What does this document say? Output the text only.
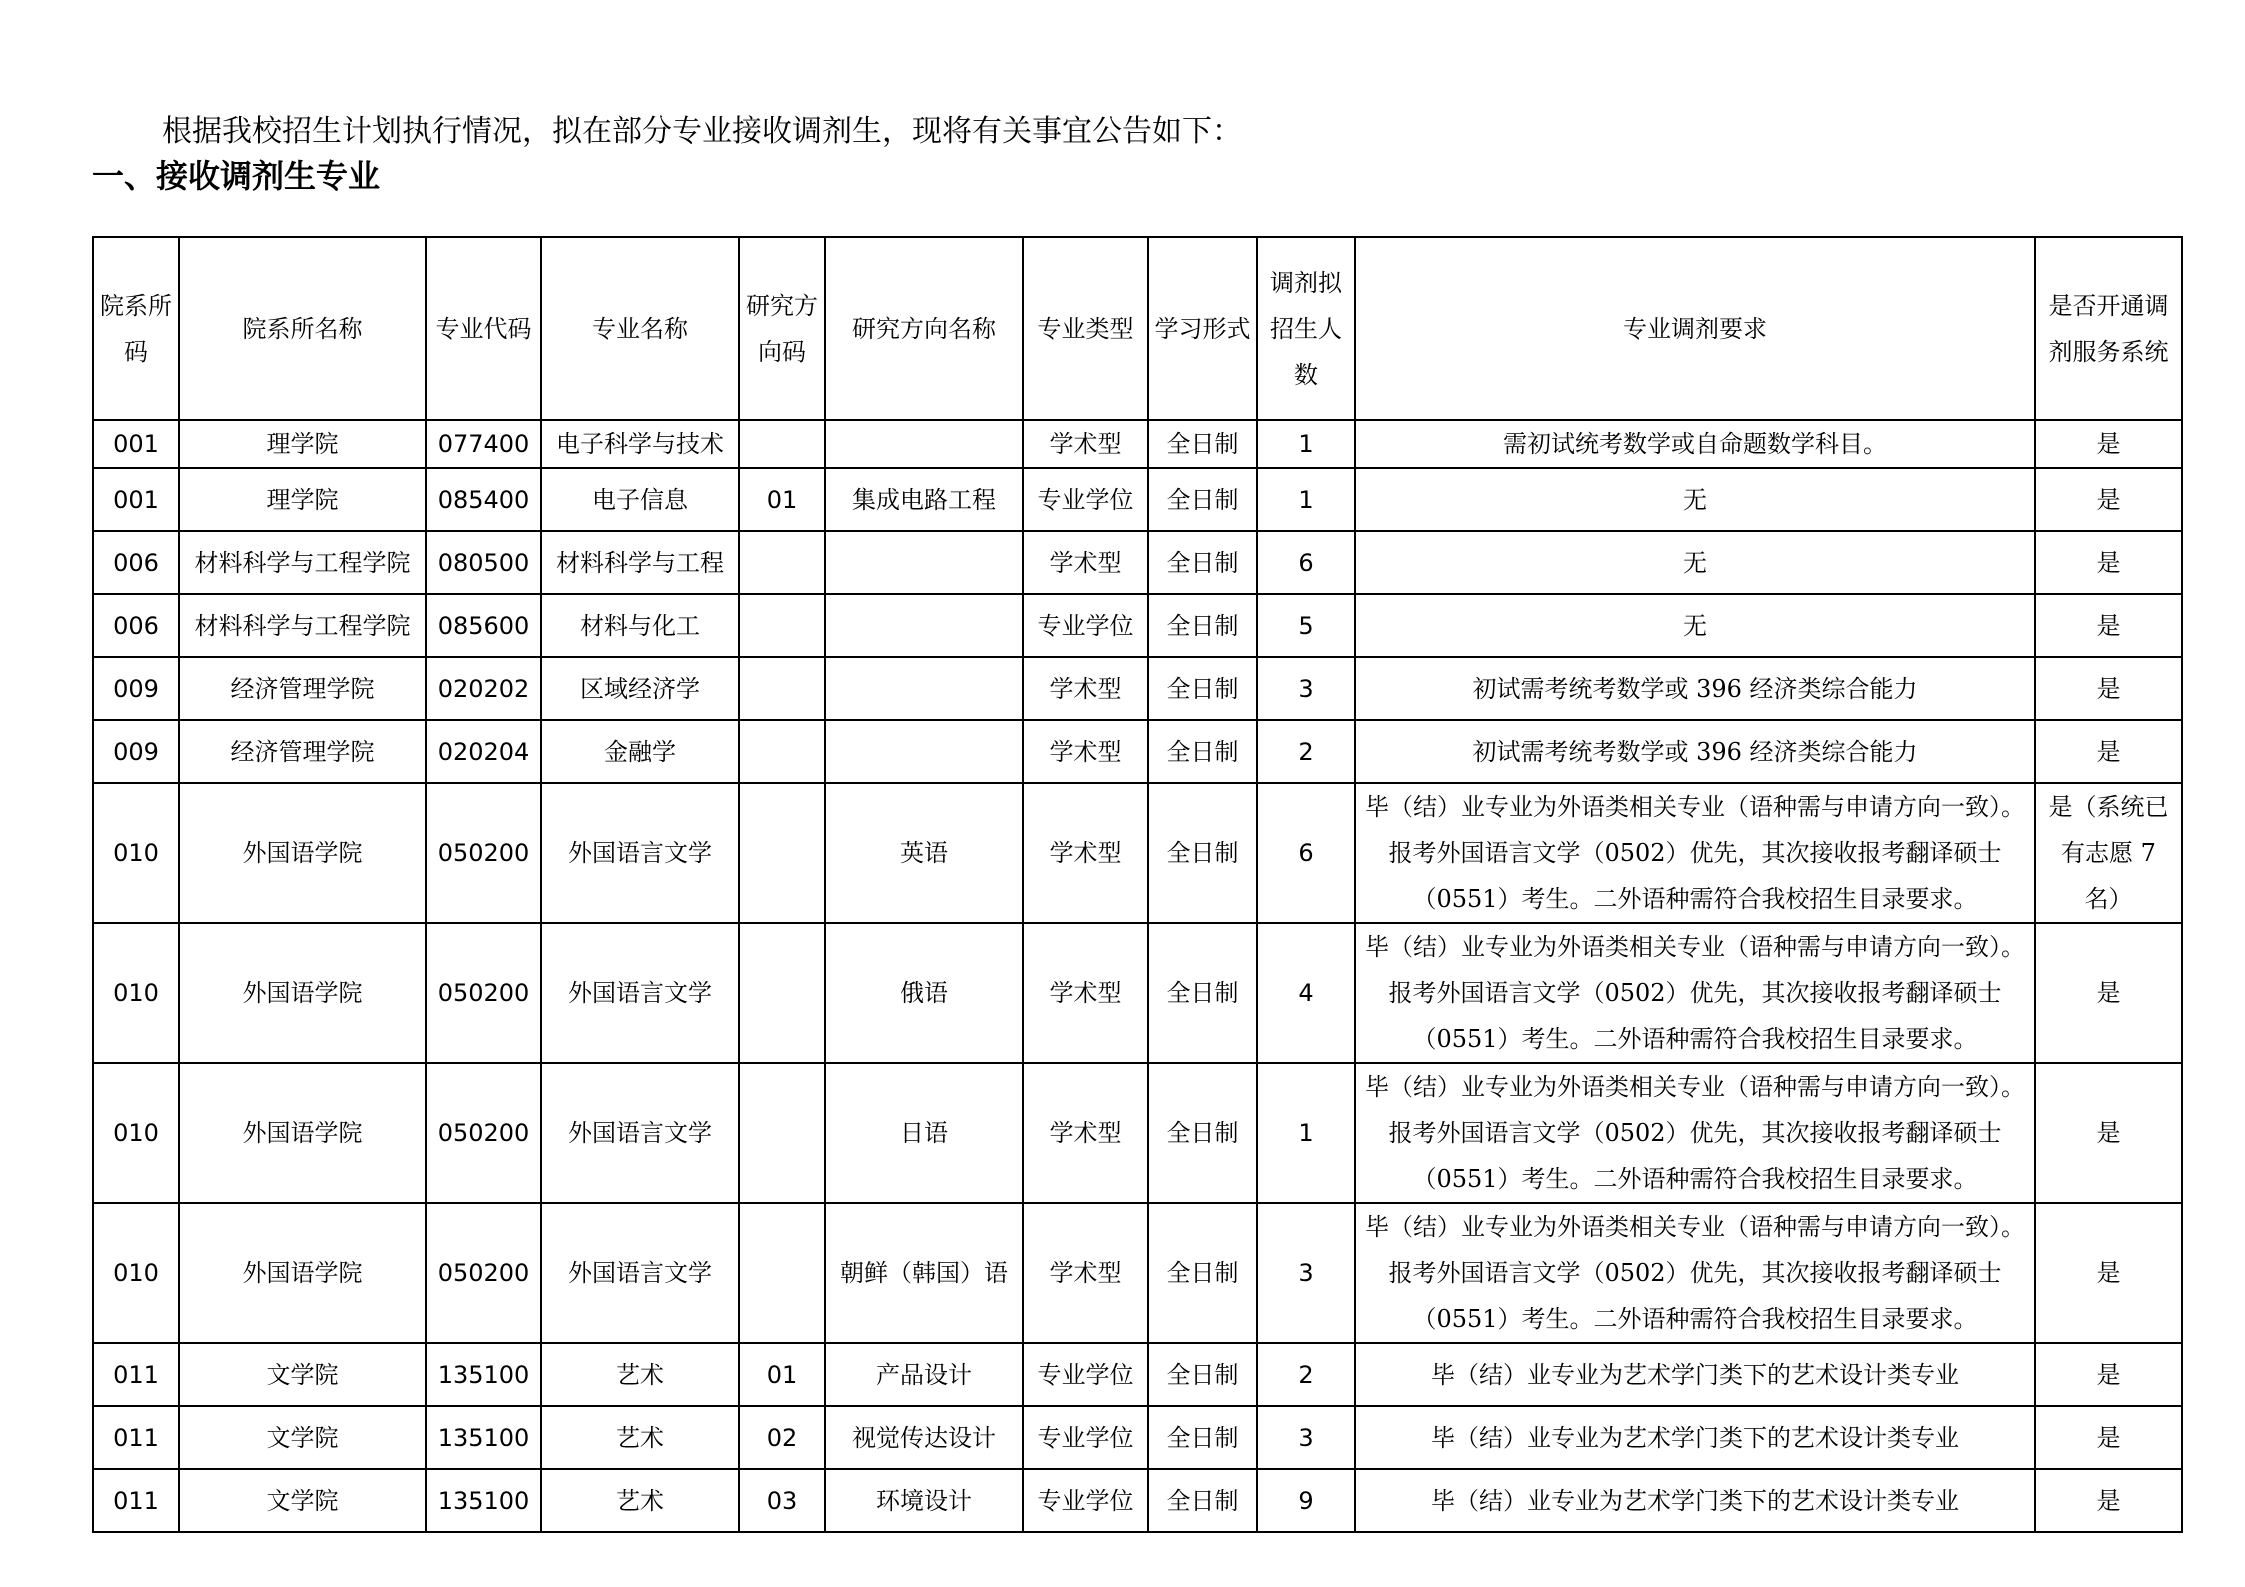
根据我校招生计划执行情况，拟在部分专业接收调剂生，现将有关事宜公告如下：
一、接收调剂生专业
院系所码	院系所名称	专业代码	专业名称	研究方向码	研究方向名称	专业类型	学习形式	调剂拟招生人数	专业调剂要求	是否开通调剂服务系统
001	理学院	077400	电子科学与技术			学术型	全日制	1	需初试统考数学或自命题数学科目。	是
001	理学院	085400	电子信息	01	集成电路工程	专业学位	全日制	1	无	是
006	材料科学与工程学院	080500	材料科学与工程			学术型	全日制	6	无	是
006	材料科学与工程学院	085600	材料与化工			专业学位	全日制	5	无	是
009	经济管理学院	020202	区域经济学			学术型	全日制	3	初试需考统考数学或 396 经济类综合能力	是
009	经济管理学院	020204	金融学			学术型	全日制	2	初试需考统考数学或 396 经济类综合能力	是
010	外国语学院	050200	外国语言文学		英语	学术型	全日制	6	毕（结）业专业为外语类相关专业（语种需与申请方向一致）。报考外国语言文学（0502）优先，其次接收报考翻译硕士（0551）考生。二外语种需符合我校招生目录要求。	是（系统已有志愿 7 名）
010	外国语学院	050200	外国语言文学		俄语	学术型	全日制	4	毕（结）业专业为外语类相关专业（语种需与申请方向一致）。报考外国语言文学（0502）优先，其次接收报考翻译硕士（0551）考生。二外语种需符合我校招生目录要求。	是
010	外国语学院	050200	外国语言文学		日语	学术型	全日制	1	毕（结）业专业为外语类相关专业（语种需与申请方向一致）。报考外国语言文学（0502）优先，其次接收报考翻译硕士（0551）考生。二外语种需符合我校招生目录要求。	是
010	外国语学院	050200	外国语言文学		朝鲜（韩国）语	学术型	全日制	3	毕（结）业专业为外语类相关专业（语种需与申请方向一致）。报考外国语言文学（0502）优先，其次接收报考翻译硕士（0551）考生。二外语种需符合我校招生目录要求。	是
011	文学院	135100	艺术	01	产品设计	专业学位	全日制	2	毕（结）业专业为艺术学门类下的艺术设计类专业	是
011	文学院	135100	艺术	02	视觉传达设计	专业学位	全日制	3	毕（结）业专业为艺术学门类下的艺术设计类专业	是
011	文学院	135100	艺术	03	环境设计	专业学位	全日制	9	毕（结）业专业为艺术学门类下的艺术设计类专业	是
